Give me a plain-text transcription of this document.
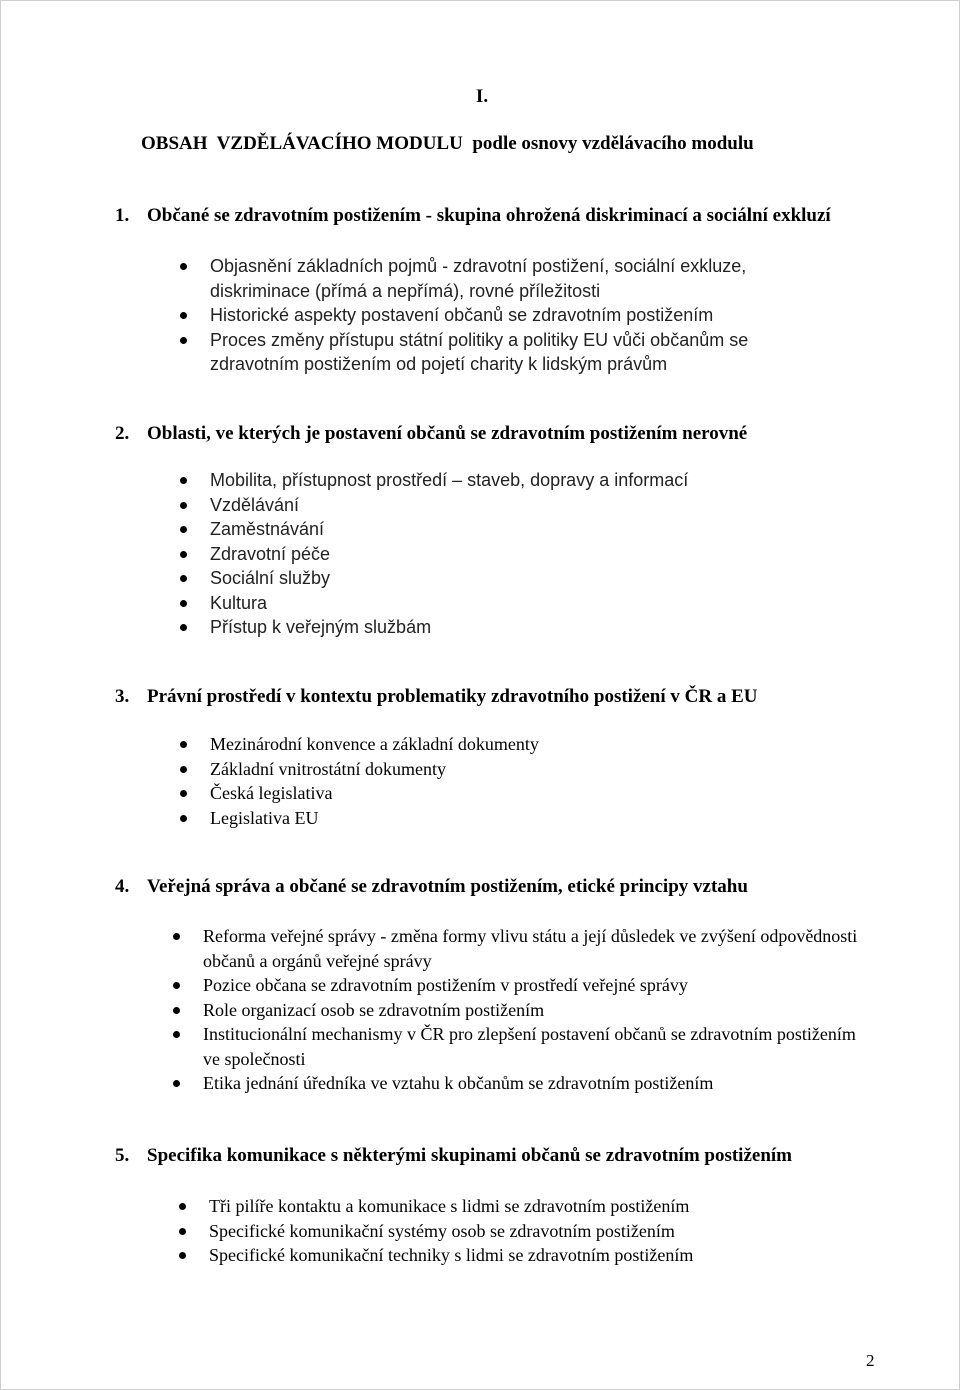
I.
OBSAH  VZDĚLÁVACÍHO MODULU  podle osnovy vzdělávacího modulu
1. Občané se zdravotním postižením - skupina ohrožená diskriminací a sociální exkluzí
Objasnění základních pojmů - zdravotní postižení, sociální exkluze, diskriminace (přímá a nepřímá), rovné příležitosti
Historické aspekty postavení občanů se zdravotním postižením
Proces změny přístupu státní politiky a politiky EU vůči občanům se zdravotním postižením od pojetí charity k lidským právům
2. Oblasti, ve kterých je postavení občanů se zdravotním postižením nerovné
Mobilita, přístupnost prostředí – staveb, dopravy a informací
Vzdělávání
Zaměstnávání
Zdravotní péče
Sociální služby
Kultura
Přístup k veřejným službám
3. Právní prostředí v kontextu problematiky zdravotního postižení v ČR a EU
Mezinárodní konvence a základní dokumenty
Základní vnitrostátní dokumenty
Česká legislativa
Legislativa EU
4. Veřejná správa a občané se zdravotním postižením, etické principy vztahu
Reforma veřejné správy - změna formy vlivu státu a její důsledek ve zvýšení odpovědnosti občanů a orgánů veřejné správy
Pozice občana se zdravotním postižením v prostředí veřejné správy
Role organizací osob se zdravotním postižením
Institucionální mechanismy v ČR pro zlepšení postavení občanů se zdravotním postižením ve společnosti
Etika jednání úředníka ve vztahu k občanům se zdravotním postižením
5. Specifika komunikace s některými skupinami občanů se zdravotním postižením
Tři pilíře kontaktu a komunikace s lidmi se zdravotním postižením
Specifické komunikační systémy osob se zdravotním postižením
Specifické komunikační techniky s lidmi se zdravotním postižením
2
